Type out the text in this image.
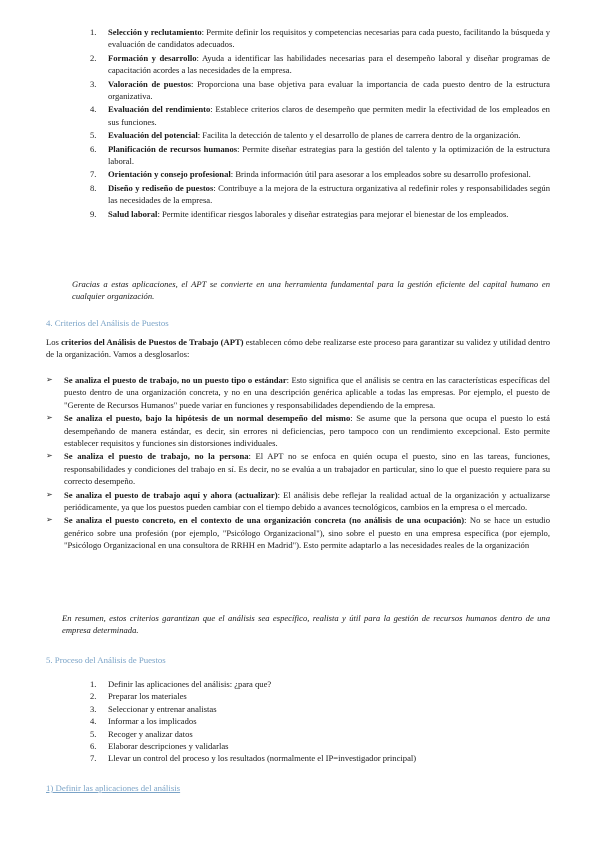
1. Selección y reclutamiento: Permite definir los requisitos y competencias necesarias para cada puesto, facilitando la búsqueda y evaluación de candidatos adecuados.
2. Formación y desarrollo: Ayuda a identificar las habilidades necesarias para el desempeño laboral y diseñar programas de capacitación acordes a las necesidades de la empresa.
3. Valoración de puestos: Proporciona una base objetiva para evaluar la importancia de cada puesto dentro de la estructura organizativa.
4. Evaluación del rendimiento: Establece criterios claros de desempeño que permiten medir la efectividad de los empleados en sus funciones.
5. Evaluación del potencial: Facilita la detección de talento y el desarrollo de planes de carrera dentro de la organización.
6. Planificación de recursos humanos: Permite diseñar estrategias para la gestión del talento y la optimización de la estructura laboral.
7. Orientación y consejo profesional: Brinda información útil para asesorar a los empleados sobre su desarrollo profesional.
8. Diseño y rediseño de puestos: Contribuye a la mejora de la estructura organizativa al redefinir roles y responsabilidades según las necesidades de la empresa.
9. Salud laboral: Permite identificar riesgos laborales y diseñar estrategias para mejorar el bienestar de los empleados.

Gracias a estas aplicaciones, el APT se convierte en una herramienta fundamental para la gestión eficiente del capital humano en cualquier organización.

4. Criterios del Análisis de Puestos

Los criterios del Análisis de Puestos de Trabajo (APT) establecen cómo debe realizarse este proceso para garantizar su validez y utilidad dentro de la organización. Vamos a desglosarlos:

➢ Se analiza el puesto de trabajo, no un puesto tipo o estándar: Esto significa que el análisis se centra en las características específicas del puesto dentro de una organización concreta, y no en una descripción genérica aplicable a todas las empresas. Por ejemplo, el puesto de "Gerente de Recursos Humanos" puede variar en funciones y responsabilidades dependiendo de la empresa.
➢ Se analiza el puesto, bajo la hipótesis de un normal desempeño del mismo: Se asume que la persona que ocupa el puesto lo está desempeñando de manera estándar, es decir, sin errores ni deficiencias, pero tampoco con un rendimiento excepcional. Esto permite establecer requisitos y funciones sin distorsiones individuales.
➢ Se analiza el puesto de trabajo, no la persona: El APT no se enfoca en quién ocupa el puesto, sino en las tareas, funciones, responsabilidades y condiciones del trabajo en sí. Es decir, no se evalúa a un trabajador en particular, sino lo que el puesto requiere para su correcto desempeño.
➢ Se analiza el puesto de trabajo aquí y ahora (actualizar): El análisis debe reflejar la realidad actual de la organización y actualizarse periódicamente, ya que los puestos pueden cambiar con el tiempo debido a avances tecnológicos, cambios en la empresa o el mercado.
➢ Se analiza el puesto concreto, en el contexto de una organización concreta (no análisis de una ocupación): No se hace un estudio genérico sobre una profesión (por ejemplo, "Psicólogo Organizacional"), sino sobre el puesto en una empresa específica (por ejemplo, "Psicólogo Organizacional en una consultora de RRHH en Madrid"). Esto permite adaptarlo a las necesidades reales de la organización

En resumen, estos criterios garantizan que el análisis sea específico, realista y útil para la gestión de recursos humanos dentro de una empresa determinada.

5. Proceso del Análisis de Puestos
1. Definir las aplicaciones del análisis: ¿para que?
2. Preparar los materiales
3. Seleccionar y entrenar analistas
4. Informar a los implicados
5. Recoger y analizar datos
6. Elaborar descripciones y validarlas
7. Llevar un control del proceso y los resultados (normalmente el IP=investigador principal)
1) Definir las aplicaciones del análisis
